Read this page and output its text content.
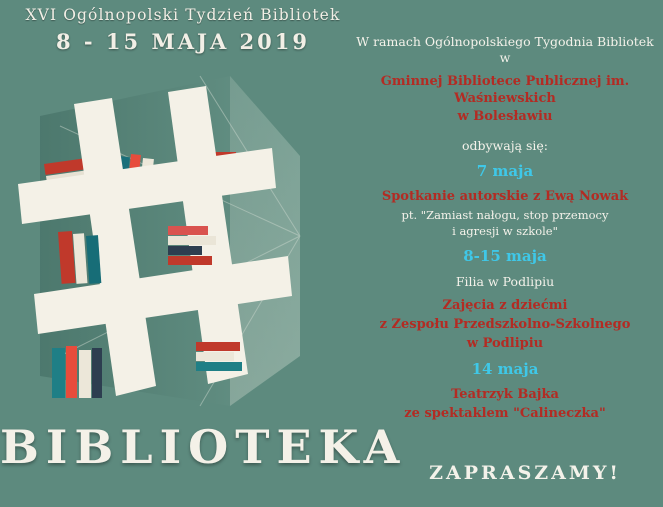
XVI Ogólnopolski Tydzień Bibliotek
8 - 15 MAJA 2019
BIBLIOTEKA
W ramach Ogólnopolskiego Tygodnia Bibliotek w
Gminnej Bibliotece Publicznej im. Waśniewskich
w Bolesławiu
odbywają się:
7 maja
Spotkanie autorskie z Ewą Nowak
pt. "Zamiast nałogu, stop przemocy
i agresji w szkole"
8-15 maja
Filia w Podlipiu
Zajęcia z dziećmi
z Zespołu Przedszkolno-Szkolnego
w Podlipiu
14 maja
Teatrzyk Bajka
ze spektaklem "Calineczka"
ZAPRASZAMY!
